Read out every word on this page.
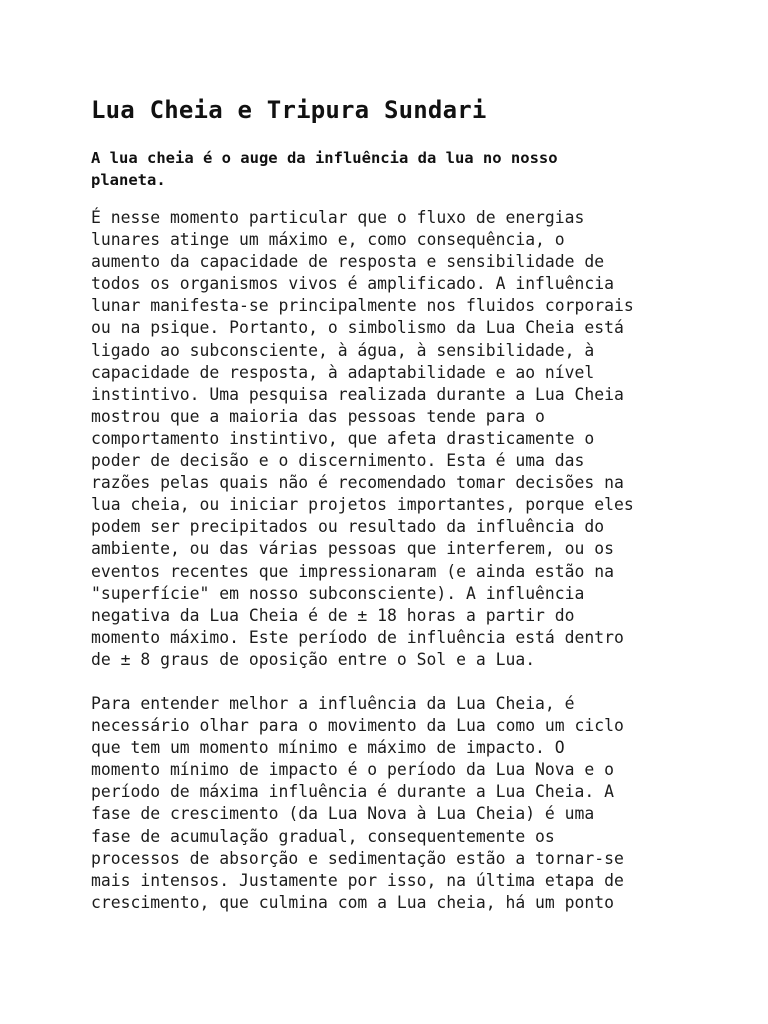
Lua Cheia e Tripura Sundari

A lua cheia é o auge da influência da lua no nosso
planeta.

É nesse momento particular que o fluxo de energias
lunares atinge um máximo e, como consequência, o
aumento da capacidade de resposta e sensibilidade de
todos os organismos vivos é amplificado. A influência
lunar manifesta-se principalmente nos fluidos corporais
ou na psique. Portanto, o simbolismo da Lua Cheia está
ligado ao subconsciente, à água, à sensibilidade, à
capacidade de resposta, à adaptabilidade e ao nível
instintivo. Uma pesquisa realizada durante a Lua Cheia
mostrou que a maioria das pessoas tende para o
comportamento instintivo, que afeta drasticamente o
poder de decisão e o discernimento. Esta é uma das
razões pelas quais não é recomendado tomar decisões na
lua cheia, ou iniciar projetos importantes, porque eles
podem ser precipitados ou resultado da influência do
ambiente, ou das várias pessoas que interferem, ou os
eventos recentes que impressionaram (e ainda estão na
"superfície" em nosso subconsciente). A influência
negativa da Lua Cheia é de ± 18 horas a partir do
momento máximo. Este período de influência está dentro
de ± 8 graus de oposição entre o Sol e a Lua.

Para entender melhor a influência da Lua Cheia, é
necessário olhar para o movimento da Lua como um ciclo
que tem um momento mínimo e máximo de impacto. O
momento mínimo de impacto é o período da Lua Nova e o
período de máxima influência é durante a Lua Cheia. A
fase de crescimento (da Lua Nova à Lua Cheia) é uma
fase de acumulação gradual, consequentemente os
processos de absorção e sedimentação estão a tornar-se
mais intensos. Justamente por isso, na última etapa de
crescimento, que culmina com a Lua cheia, há um ponto
